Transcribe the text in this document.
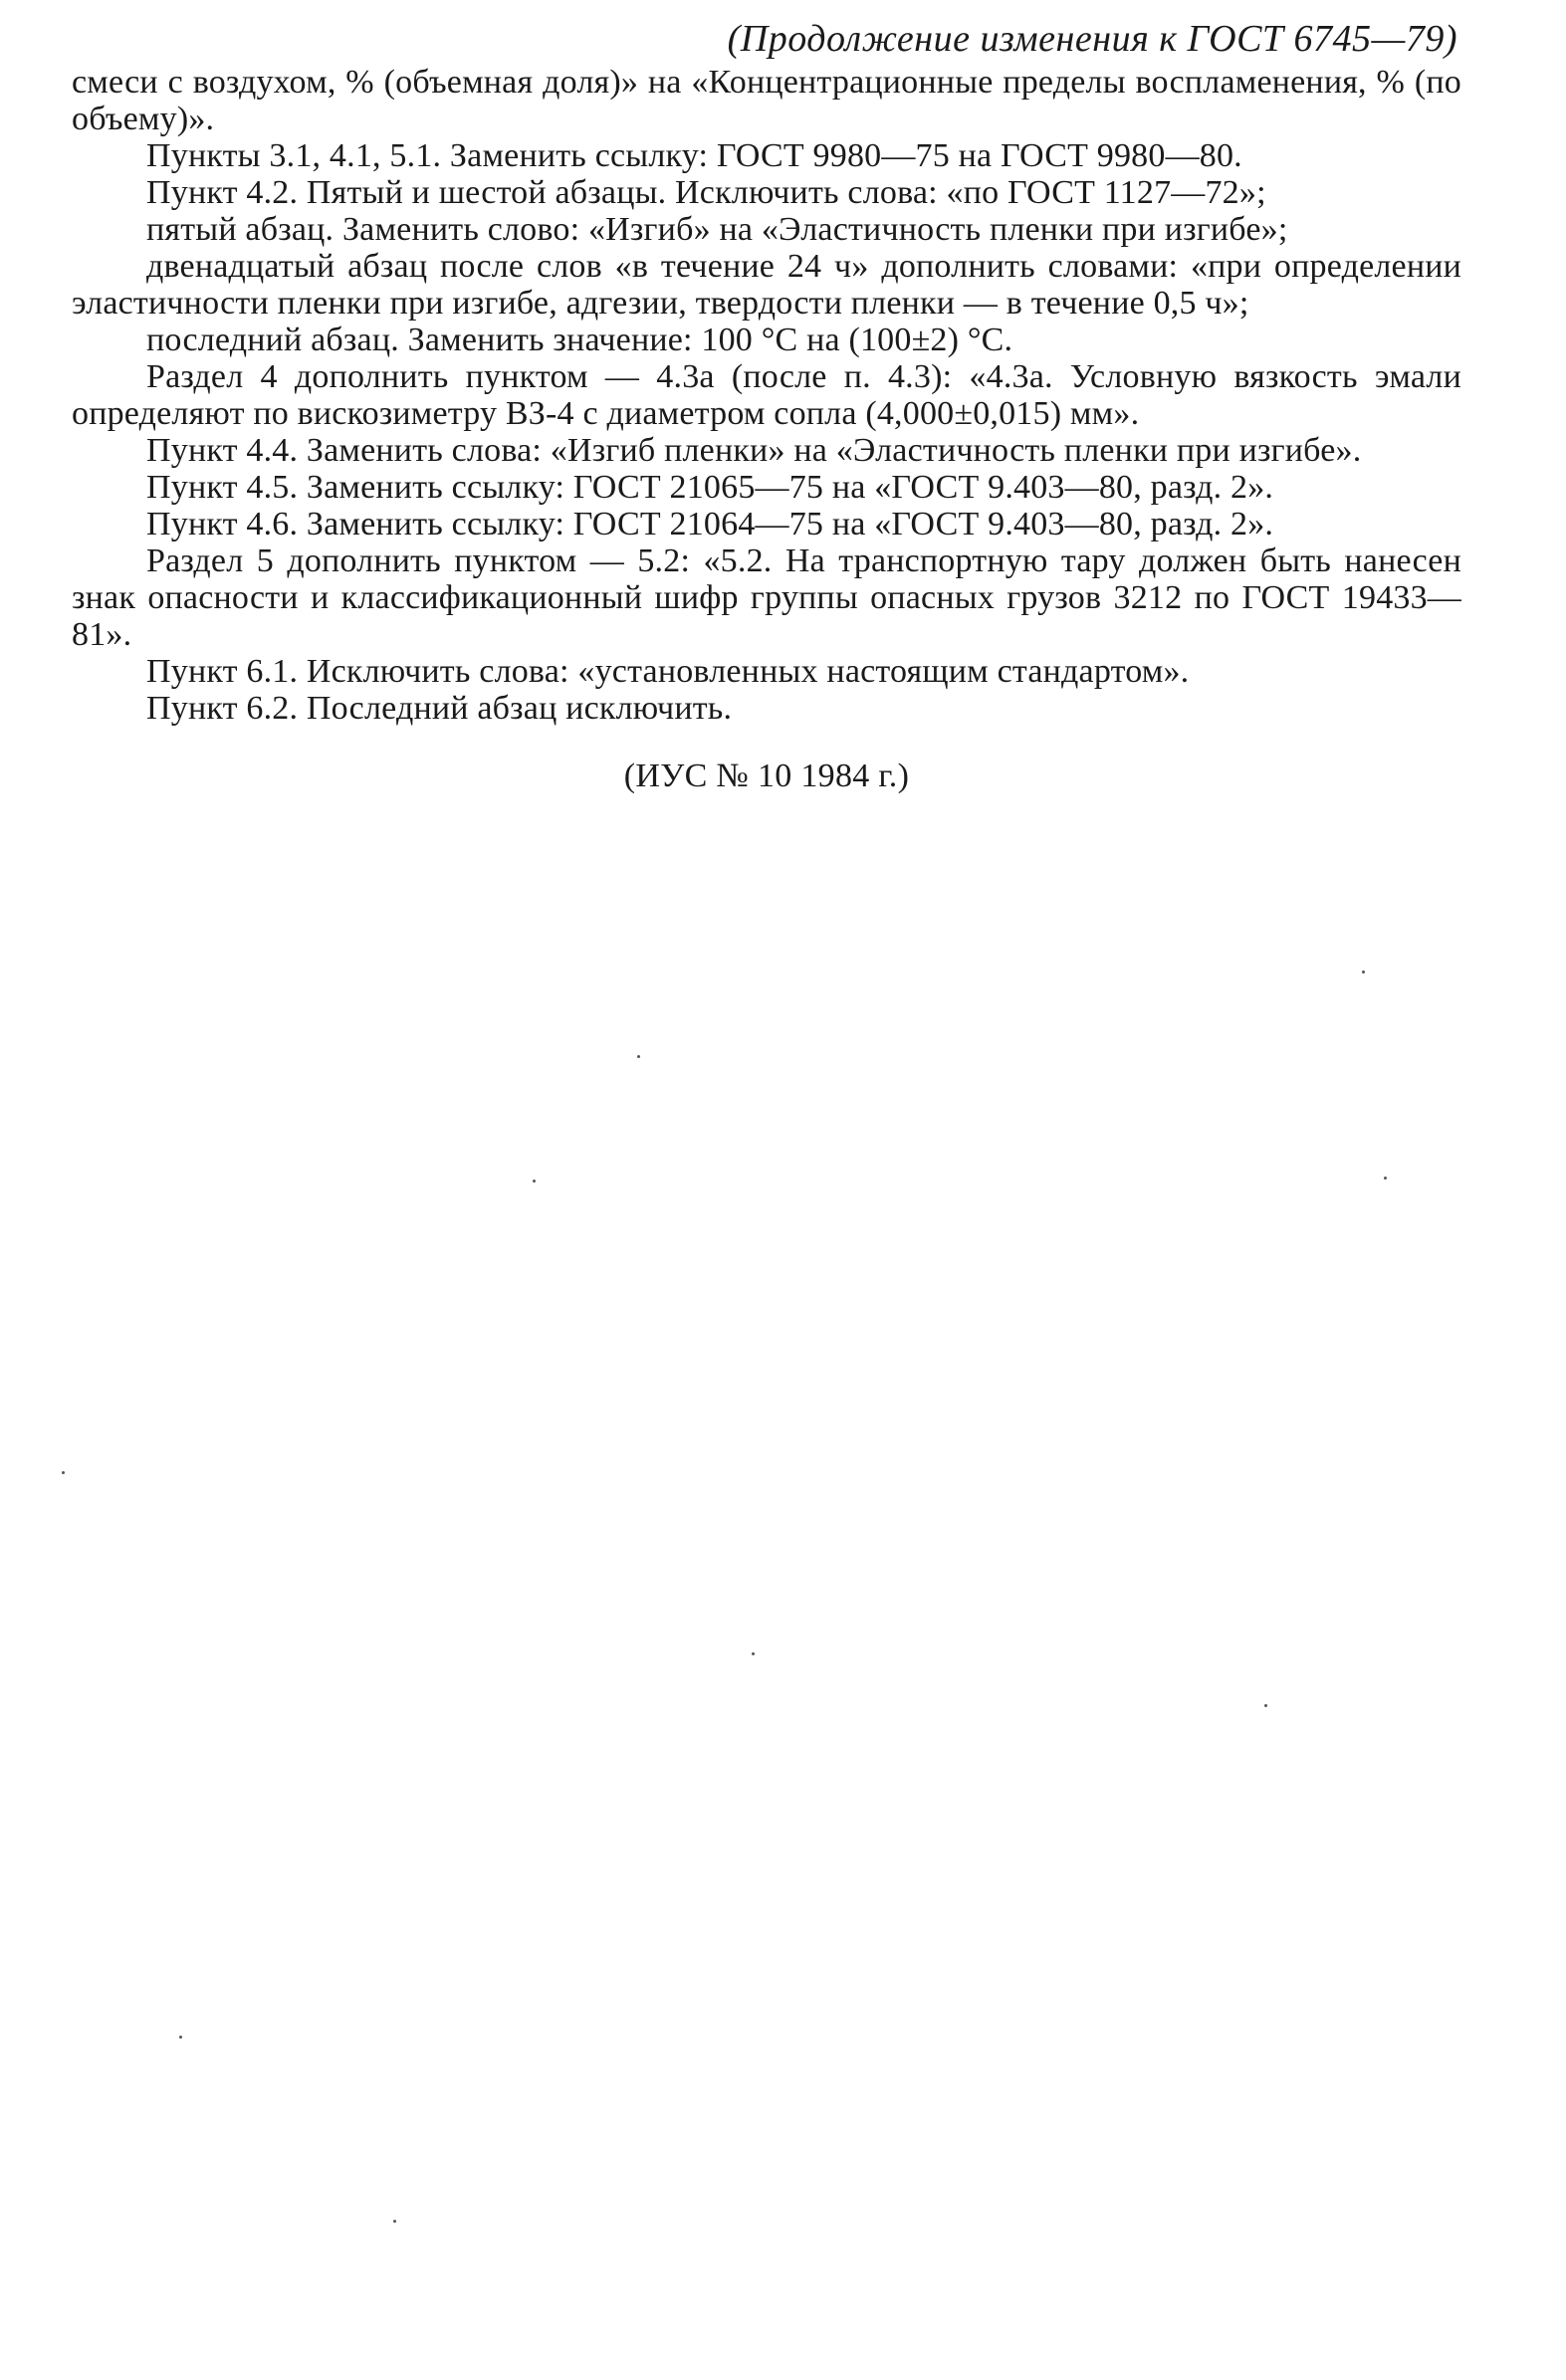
(Продолжение изменения к ГОСТ 6745—79)

смеси с воздухом, % (объемная доля)» на «Концентрационные пределы воспламенения, % (по объему)».

Пункты 3.1, 4.1, 5.1. Заменить ссылку: ГОСТ 9980—75 на ГОСТ 9980—80.

Пункт 4.2. Пятый и шестой абзацы. Исключить слова: «по ГОСТ 1127—72»;

пятый абзац. Заменить слово: «Изгиб» на «Эластичность пленки при изгибе»;

двенадцатый абзац после слов «в течение 24 ч» дополнить словами: «при определении эластичности пленки при изгибе, адгезии, твердости пленки — в течение 0,5 ч»;

последний абзац. Заменить значение: 100 °С на (100±2) °С.

Раздел 4 дополнить пунктом — 4.3а (после п. 4.3): «4.3а. Условную вязкость эмали определяют по вискозиметру ВЗ-4 с диаметром сопла (4,000±0,015) мм».

Пункт 4.4. Заменить слова: «Изгиб пленки» на «Эластичность пленки при изгибе».

Пункт 4.5. Заменить ссылку: ГОСТ 21065—75 на «ГОСТ 9.403—80, разд. 2».

Пункт 4.6. Заменить ссылку: ГОСТ 21064—75 на «ГОСТ 9.403—80, разд. 2».

Раздел 5 дополнить пунктом — 5.2: «5.2. На транспортную тару должен быть нанесен знак опасности и классификационный шифр группы опасных грузов 3212 по ГОСТ 19433—81».

Пункт 6.1. Исключить слова: «установленных настоящим стандартом».

Пункт 6.2. Последний абзац исключить.

(ИУС № 10 1984 г.)
